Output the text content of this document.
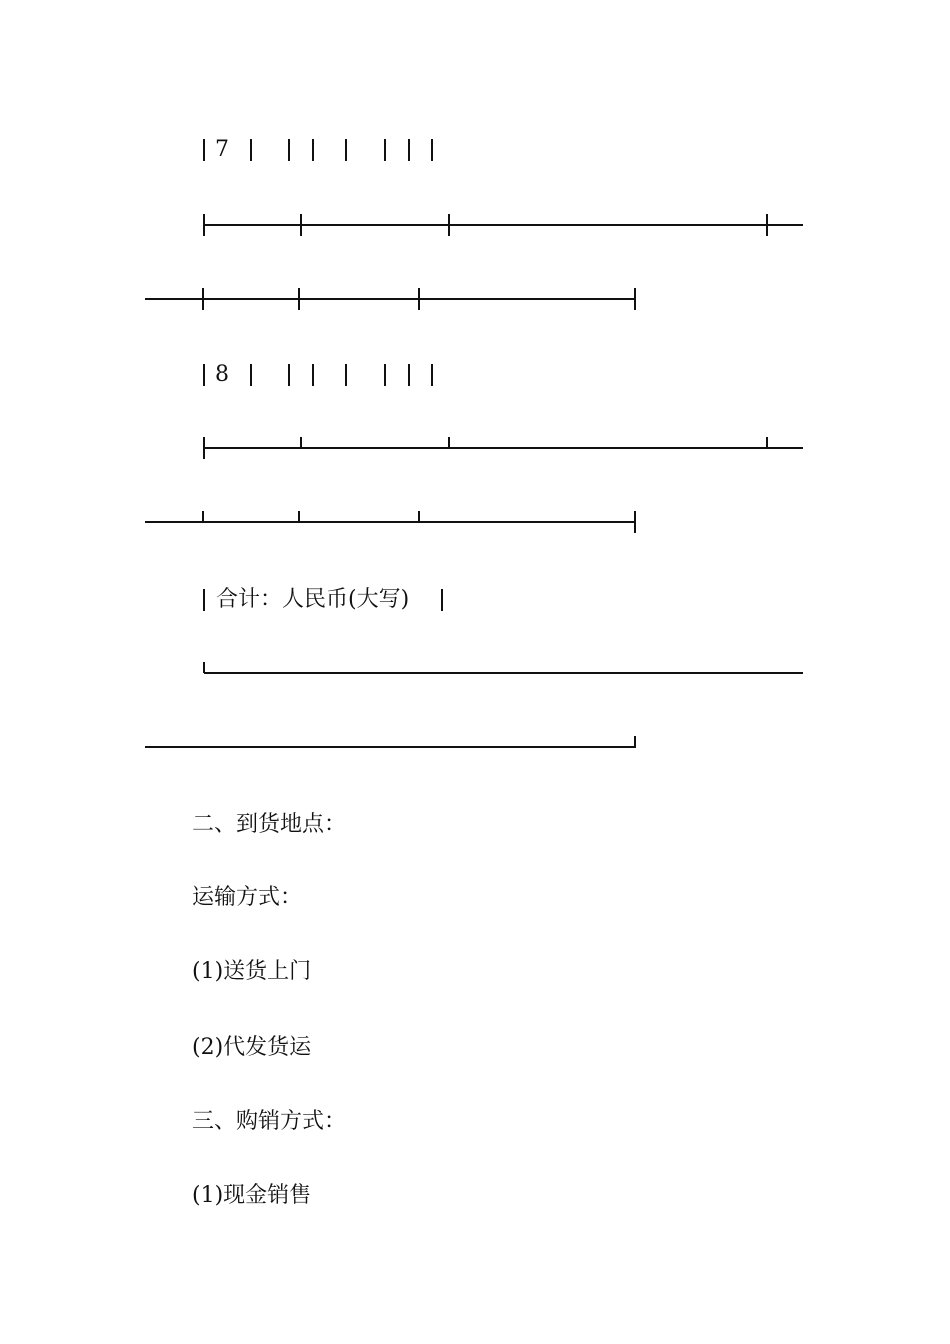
7
8
合计：人民币(大写)
二、到货地点：
运输方式：
(1)送货上门
(2)代发货运
三、购销方式：
(1)现金销售
